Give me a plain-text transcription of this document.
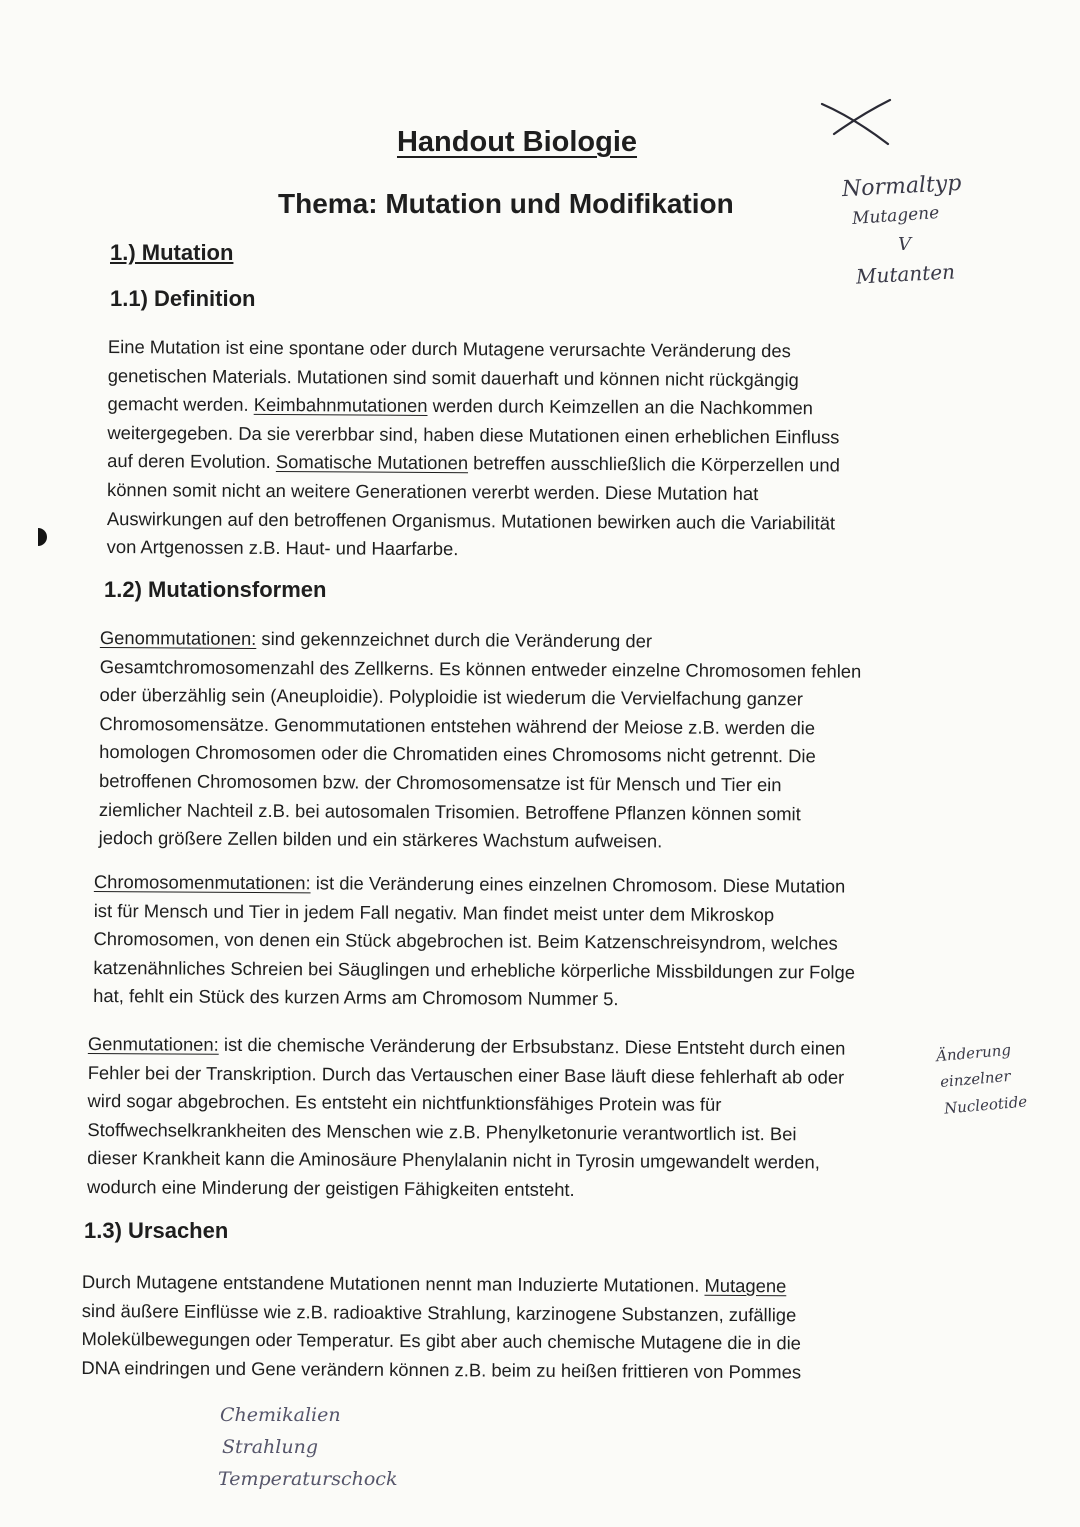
Handout Biologie
Thema: Mutation und Modifikation

Normaltyp

Mutagene

V

Mutanten

1.) Mutation
1.1) Definition
Eine Mutation ist eine spontane oder durch Mutagene verursachte Veränderung des
genetischen Materials. Mutationen sind somit dauerhaft und können nicht rückgängig
gemacht werden. Keimbahnmutationen werden durch Keimzellen an die Nachkommen
weitergegeben. Da sie vererbbar sind, haben diese Mutationen einen erheblichen Einfluss
auf deren Evolution. Somatische Mutationen betreffen ausschließlich die Körperzellen und
können somit nicht an weitere Generationen vererbt werden. Diese Mutation hat
Auswirkungen auf den betroffenen Organismus. Mutationen bewirken auch die Variabilität
von Artgenossen z.B. Haut- und Haarfarbe.
1.2) Mutationsformen
Genommutationen: sind gekennzeichnet durch die Veränderung der
Gesamtchromosomenzahl des Zellkerns. Es können entweder einzelne Chromosomen fehlen
oder überzählig sein (Aneuploidie). Polyploidie ist wiederum die Vervielfachung ganzer
Chromosomensätze. Genommutationen entstehen während der Meiose z.B. werden die
homologen Chromosomen oder die Chromatiden eines Chromosoms nicht getrennt. Die
betroffenen Chromosomen bzw. der Chromosomensatze ist für Mensch und Tier ein
ziemlicher Nachteil z.B. bei autosomalen Trisomien. Betroffene Pflanzen können somit
jedoch größere Zellen bilden und ein stärkeres Wachstum aufweisen.
Chromosomenmutationen: ist die Veränderung eines einzelnen Chromosom. Diese Mutation
ist für Mensch und Tier in jedem Fall negativ. Man findet meist unter dem Mikroskop
Chromosomen, von denen ein Stück abgebrochen ist. Beim Katzenschreisyndrom, welches
katzenähnliches Schreien bei Säuglingen und erhebliche körperliche Missbildungen zur Folge
hat, fehlt ein Stück des kurzen Arms am Chromosom Nummer 5.
Genmutationen: ist die chemische Veränderung der Erbsubstanz. Diese Entsteht durch einen
Fehler bei der Transkription. Durch das Vertauschen einer Base läuft diese fehlerhaft ab oder
wird sogar abgebrochen. Es entsteht ein nichtfunktionsfähiges Protein was für
Stoffwechselkrankheiten des Menschen wie z.B. Phenylketonurie verantwortlich ist. Bei
dieser Krankheit kann die Aminosäure Phenylalanin nicht in Tyrosin umgewandelt werden,
wodurch eine Minderung der geistigen Fähigkeiten entsteht.

Änderung

einzelner

Nucleotide

1.3) Ursachen
Durch Mutagene entstandene Mutationen nennt man Induzierte Mutationen. Mutagene
sind äußere Einflüsse wie z.B. radioaktive Strahlung, karzinogene Substanzen, zufällige
Molekülbewegungen oder Temperatur. Es gibt aber auch chemische Mutagene die in die
DNA eindringen und Gene verändern können z.B. beim zu heißen frittieren von Pommes

Chemikalien

Strahlung

Temperaturschock
